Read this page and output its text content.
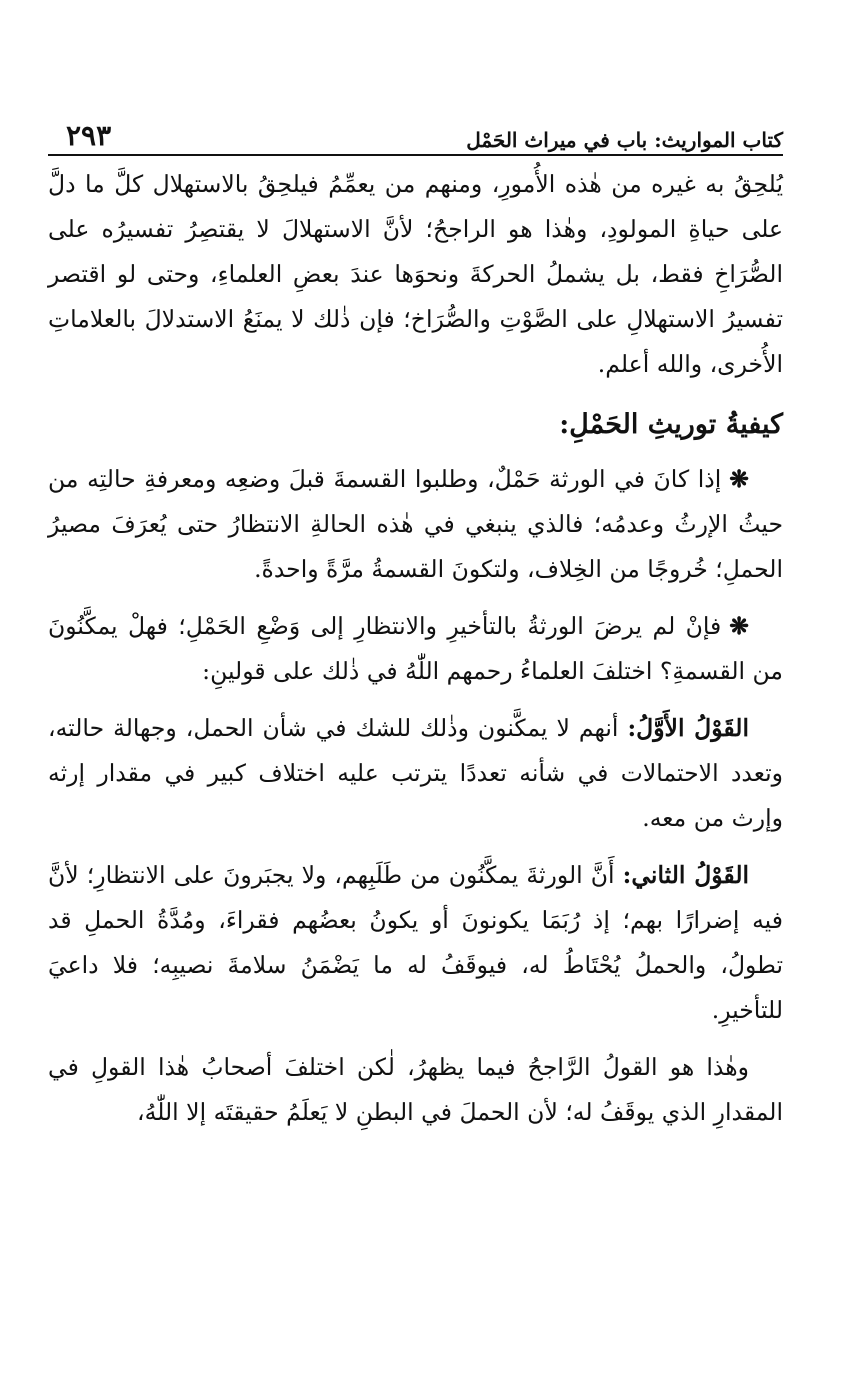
كتاب المواريث: باب في ميراث الحَمْل
٢٩٣

يُلحِقُ به غيره من هٰذه الأُمورِ، ومنهم من يعمِّمُ فيلحِقُ بالاستهلال كلَّ ما دلَّ على حياةِ المولودِ، وهٰذا هو الراجحُ؛ لأنَّ الاستهلالَ لا يقتصِرُ تفسيرُه على الصُّرَاخِ فقط، بل يشملُ الحركةَ ونحوَها عندَ بعضِ العلماءِ، وحتى لو اقتصر تفسيرُ الاستهلالِ على الصَّوْتِ والصُّرَاخ؛ فإن ذٰلك لا يمنَعُ الاستدلالَ بالعلاماتِ الأُخرى، والله أعلم.

كيفيةُ توريثِ الحَمْلِ:

❋إذا كانَ في الورثة حَمْلٌ، وطلبوا القسمةَ قبلَ وضعِه ومعرفةِ حالتِه من حيثُ الإرثُ وعدمُه؛ فالذي ينبغي في هٰذه الحالةِ الانتظارُ حتى يُعرَفَ مصيرُ الحملِ؛ خُروجًا من الخِلاف، ولتكونَ القسمةُ مرَّةً واحدةً.

❋فإنْ لم يرضَ الورثةُ بالتأخيرِ والانتظارِ إلى وَضْعِ الحَمْلِ؛ فهلْ يمكَّنُونَ من القسمةِ؟ اختلفَ العلماءُ رحمهم اللّٰهُ في ذٰلك على قولينِ:

القَوْلُ الأَوَّلُ: أنهم لا يمكَّنون وذٰلك للشك في شأن الحمل، وجهالة حالته، وتعدد الاحتمالات في شأنه تعددًا يترتب عليه اختلاف كبير في مقدار إرثه وإرث من معه.

القَوْلُ الثاني: أَنَّ الورثةَ يمكَّنُون من طَلَبِهم، ولا يجبَرونَ على الانتظارِ؛ لأنَّ فيه إضرارًا بهم؛ إذ رُبَمَا يكونونَ أو يكونُ بعضُهم فقراءَ، ومُدَّةُ الحملِ قد تطولُ، والحملُ يُحْتَاطُ له، فيوقَفُ له ما يَضْمَنُ سلامةَ نصيبِه؛ فلا داعيَ للتأخيرِ.

وهٰذا هو القولُ الرَّاجحُ فيما يظهرُ، لٰكن اختلفَ أصحابُ هٰذا القولِ في المقدارِ الذي يوقَفُ له؛ لأن الحملَ في البطنِ لا يَعلَمُ حقيقتَه إلا اللّٰهُ،
